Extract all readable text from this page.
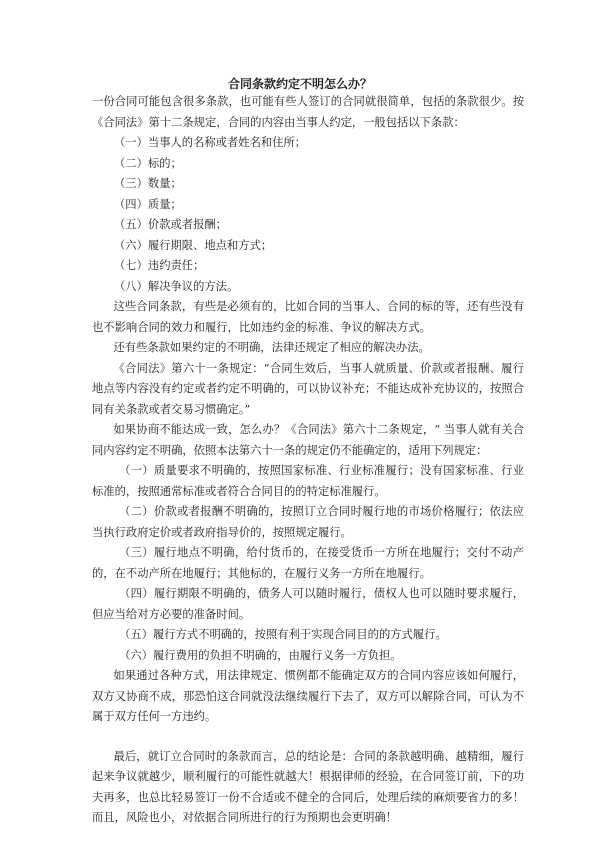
合同条款约定不明怎么办？

一份合同可能包含很多条款，也可能有些人签订的合同就很简单，包括的条款很少。按《合同法》第十二条规定，合同的内容由当事人约定，一般包括以下条款：

（一）当事人的名称或者姓名和住所；

（二）标的；

（三）数量；

（四）质量；

（五）价款或者报酬；

（六）履行期限、地点和方式；

（七）违约责任；

（八）解决争议的方法。

这些合同条款，有些是必须有的，比如合同的当事人、合同的标的等，还有些没有也不影响合同的效力和履行，比如违约金的标准、争议的解决方式。

还有些条款如果约定的不明确，法律还规定了相应的解决办法。

《合同法》第六十一条规定：“合同生效后，当事人就质量、价款或者报酬、履行地点等内容没有约定或者约定不明确的，可以协议补充；不能达成补充协议的，按照合同有关条款或者交易习惯确定。”

如果协商不能达成一致，怎么办？《合同法》第六十二条规定，“ 当事人就有关合同内容约定不明确，依照本法第六十一条的规定仍不能确定的，适用下列规定：

（一）质量要求不明确的，按照国家标准、行业标准履行；没有国家标准、行业标准的，按照通常标准或者符合合同目的的特定标准履行。

（二）价款或者报酬不明确的，按照订立合同时履行地的市场价格履行；依法应当执行政府定价或者政府指导价的，按照规定履行。

（三）履行地点不明确，给付货币的，在接受货币一方所在地履行；交付不动产的，在不动产所在地履行；其他标的，在履行义务一方所在地履行。

（四）履行期限不明确的，债务人可以随时履行，债权人也可以随时要求履行，但应当给对方必要的准备时间。

（五）履行方式不明确的，按照有利于实现合同目的的方式履行。

（六）履行费用的负担不明确的，由履行义务一方负担。

如果通过各种方式，用法律规定、惯例都不能确定双方的合同内容应该如何履行，双方又协商不成，那恐怕这合同就没法继续履行下去了，双方可以解除合同，可认为不属于双方任何一方违约。

最后，就订立合同时的条款而言，总的结论是：合同的条款越明确、越精细，履行起来争议就越少，顺利履行的可能性就越大！根据律师的经验，在合同签订前，下的功夫再多，也总比轻易签订一份不合适或不健全的合同后，处理后续的麻烦要省力的多！而且，风险也小，对依据合同所进行的行为预期也会更明确！
